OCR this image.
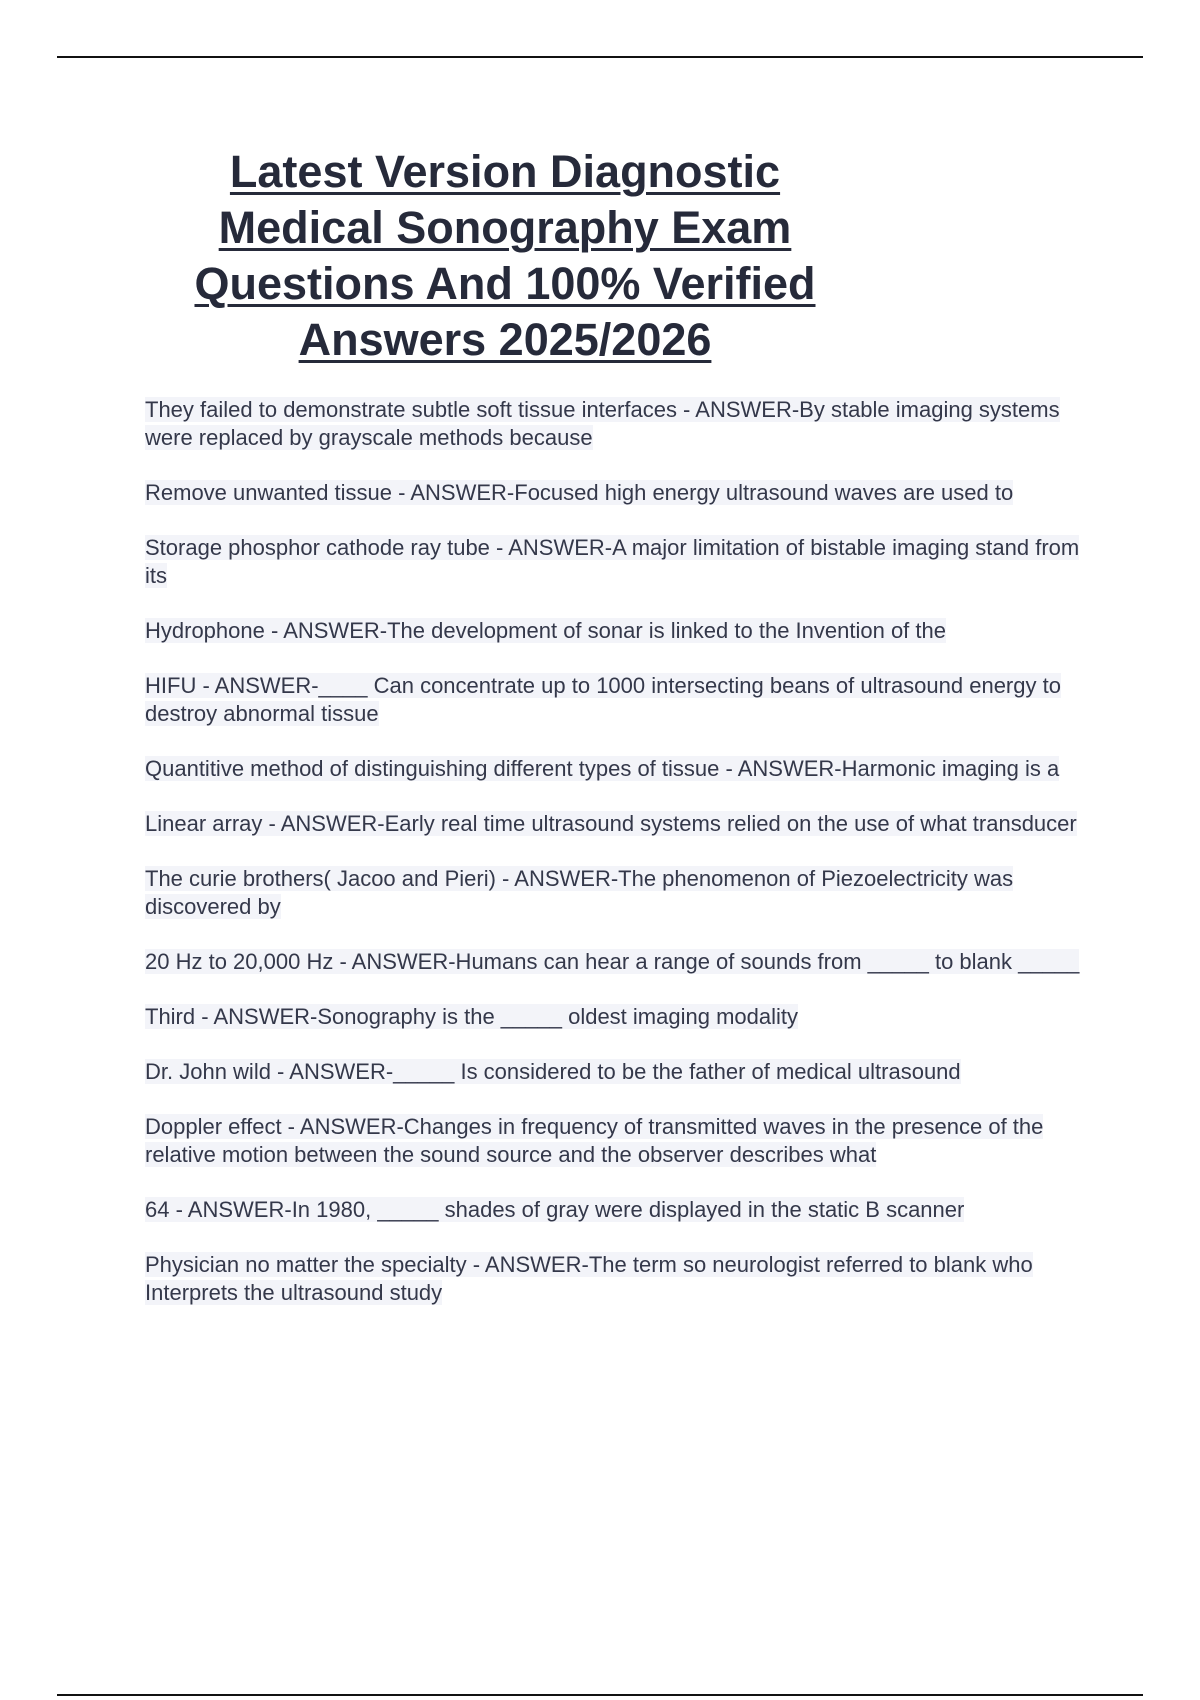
Latest Version Diagnostic
Medical Sonography Exam
Questions And 100% Verified
Answers 2025/2026
They failed to demonstrate subtle soft tissue interfaces - ANSWER-By stable imaging systems were replaced by grayscale methods because
Remove unwanted tissue - ANSWER-Focused high energy ultrasound waves are used to
Storage phosphor cathode ray tube - ANSWER-A major limitation of bistable imaging stand from its
Hydrophone - ANSWER-The development of sonar is linked to the Invention of the
HIFU - ANSWER-____ Can concentrate up to 1000 intersecting beans of ultrasound energy to destroy abnormal tissue
Quantitive method of distinguishing different types of tissue - ANSWER-Harmonic imaging is a
Linear array - ANSWER-Early real time ultrasound systems relied on the use of what transducer
The curie brothers( Jacoo and Pieri) - ANSWER-The phenomenon of Piezoelectricity was discovered by
20 Hz to 20,000 Hz - ANSWER-Humans can hear a range of sounds from _____ to blank _____
Third - ANSWER-Sonography is the _____ oldest imaging modality
Dr. John wild - ANSWER-_____ Is considered to be the father of medical ultrasound
Doppler effect - ANSWER-Changes in frequency of transmitted waves in the presence of the relative motion between the sound source and the observer describes what
64 - ANSWER-In 1980, _____ shades of gray were displayed in the static B scanner
Physician no matter the specialty - ANSWER-The term so neurologist referred to blank who Interprets the ultrasound study
